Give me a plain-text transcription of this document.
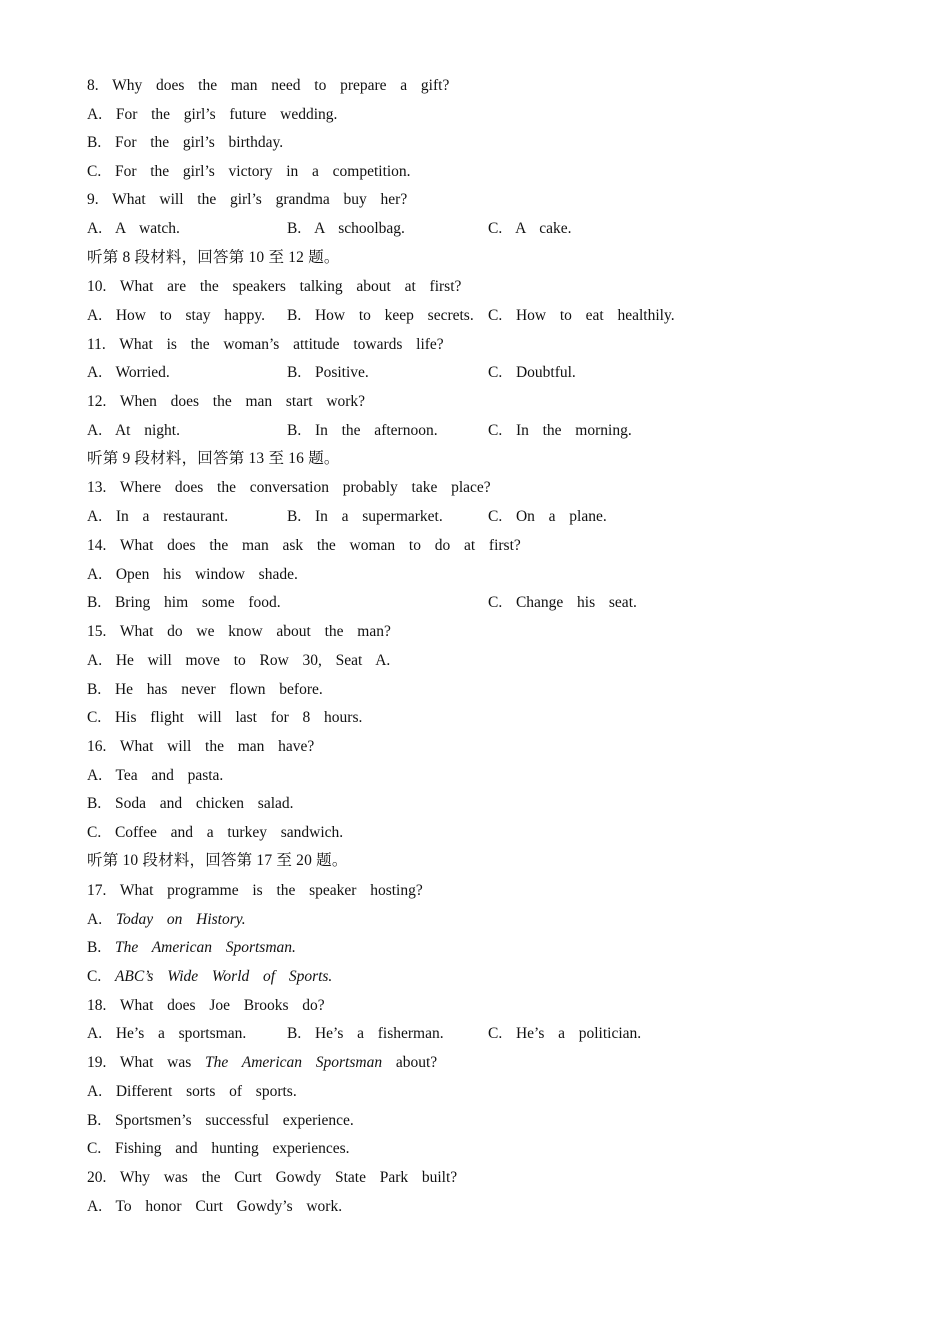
8.  Why  does  the  man  need  to  prepare  a  gift?
A.  For  the  girl’s  future  wedding.
B.  For  the  girl’s  birthday.
C.  For  the  girl’s  victory  in  a  competition.
9.  What  will  the  girl’s  grandma  buy  her?
A.  A  watch.	B.  A  schoolbag.	C.  A  cake.
听第 8 段材料，回答第 10 至 12 题。
10.  What  are  the  speakers  talking  about  at  first?
A.  How  to  stay  happy. B.  How  to  keep  secrets. C.  How  to  eat  healthily.
11.  What  is  the  woman’s  attitude  towards  life?
A.  Worried.	B.  Positive.	C.  Doubtful.
12.  When  does  the  man  start  work?
A.  At  night.	B.  In  the  afternoon.	C.  In  the  morning.
听第 9 段材料，回答第 13 至 16 题。
13.  Where  does  the  conversation  probably  take  place?
A.  In  a  restaurant.	B.  In  a  supermarket.	C.  On  a  plane.
14.  What  does  the  man  ask  the  woman  to  do  at  first?
A.  Open  his  window  shade.
B.  Bring  him  some  food.	C.  Change  his  seat.
15.  What  do  we  know  about  the  man?
A.  He  will  move  to  Row  30,  Seat  A.
B.  He  has  never  flown  before.
C.  His  flight  will  last  for  8  hours.
16.  What  will  the  man  have?
A.  Tea  and  pasta.
B.  Soda  and  chicken  salad.
C.  Coffee  and  a  turkey  sandwich.
听第 10 段材料，回答第 17 至 20 题。
17.  What  programme  is  the  speaker  hosting?
A.  Today  on  History.
B.  The  American  Sportsman.
C.  ABC’s  Wide  World  of  Sports.
18.  What  does  Joe  Brooks  do?
A.  He’s  a  sportsman.	B.  He’s  a  fisherman.	C.  He’s  a  politician.
19.  What  was  The  American  Sportsman  about?
A.  Different  sorts  of  sports.
B.  Sportsmen’s  successful  experience.
C.  Fishing  and  hunting  experiences.
20.  Why  was  the  Curt  Gowdy  State  Park  built?
A.  To  honor  Curt  Gowdy’s  work.
